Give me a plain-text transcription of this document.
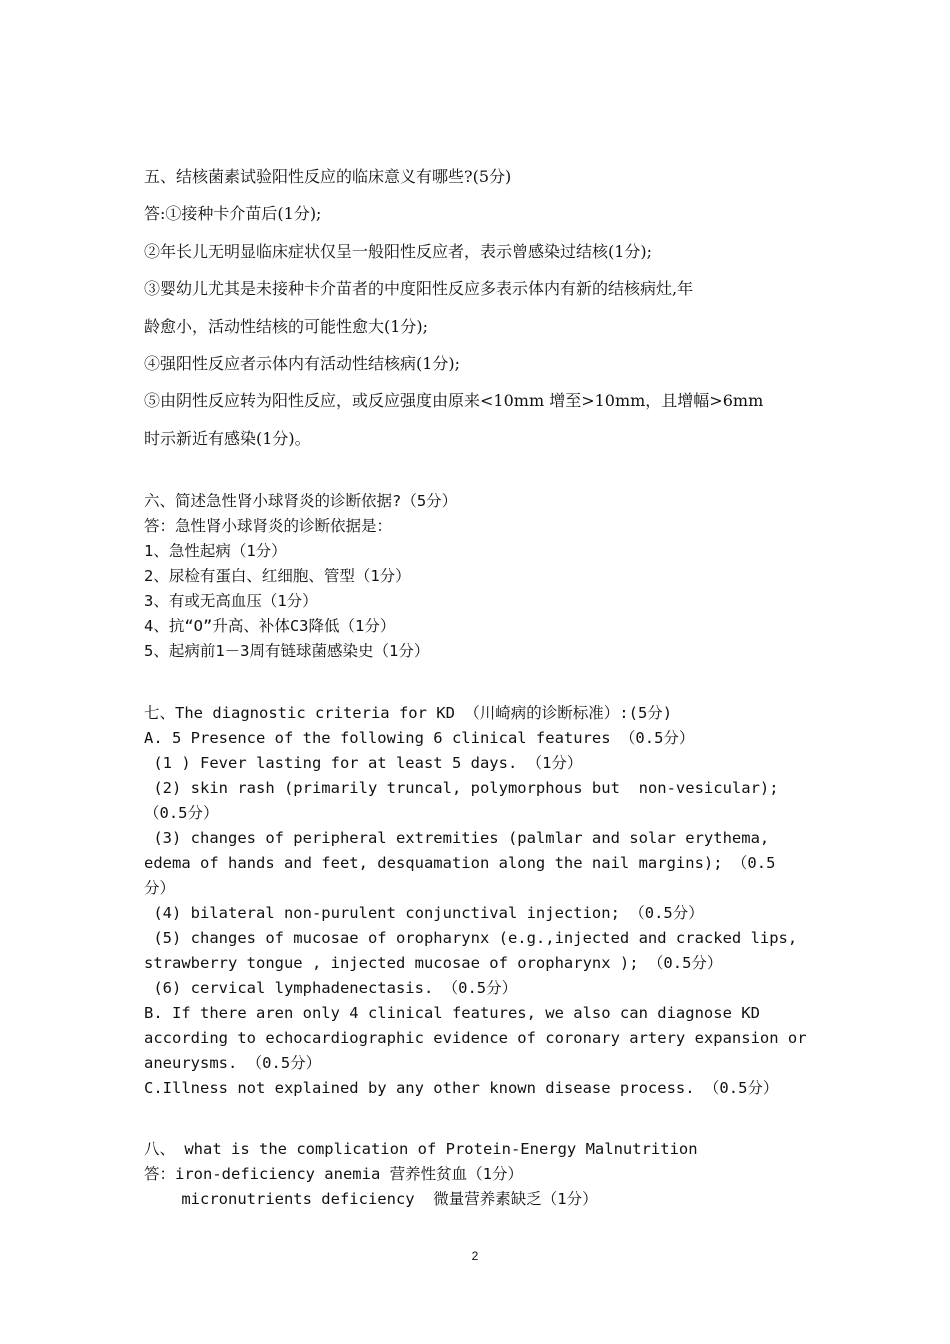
五、结核菌素试验阳性反应的临床意义有哪些?(5分)
答:①接种卡介苗后(1分);
②年长儿无明显临床症状仅呈一般阳性反应者，表示曾感染过结核(1分);
③婴幼儿尤其是未接种卡介苗者的中度阳性反应多表示体内有新的结核病灶,年
龄愈小，活动性结核的可能性愈大(1分);
④强阳性反应者示体内有活动性结核病(1分);
⑤由阴性反应转为阳性反应，或反应强度由原来<10mm 增至>10mm，且增幅>6mm
时示新近有感染(1分)。
六、简述急性肾小球肾炎的诊断依据?（5分）
答：急性肾小球肾炎的诊断依据是：
1、急性起病（1分）
2、尿检有蛋白、红细胞、管型（1分）
3、有或无高血压（1分）
4、抗“O”升高、补体C3降低（1分）
5、起病前1－3周有链球菌感染史（1分）
七、The diagnostic criteria for KD （川崎病的诊断标准）:(5分)
A. 5 Presence of the following 6 clinical features （0.5分）
(1 ) Fever lasting for at least 5 days. （1分）
(2) skin rash (primarily truncal, polymorphous but  non-vesicular);
（0.5分）
(3) changes of peripheral extremities (palmlar and solar erythema,
edema of hands and feet, desquamation along the nail margins); （0.5
分）
(4) bilateral non-purulent conjunctival injection; （0.5分）
(5) changes of mucosae of oropharynx (e.g.,injected and cracked lips,
strawberry tongue , injected mucosae of oropharynx ); （0.5分）
(6) cervical lymphadenectasis. （0.5分）
B. If there aren only 4 clinical features, we also can diagnose KD
according to echocardiographic evidence of coronary artery expansion or
aneurysms. （0.5分）
C.Illness not explained by any other known disease process. （0.5分）
八、 what is the complication of Protein-Energy Malnutrition
答：iron-deficiency anemia 营养性贫血（1分）
micronutrients deficiency  微量营养素缺乏（1分）
2
